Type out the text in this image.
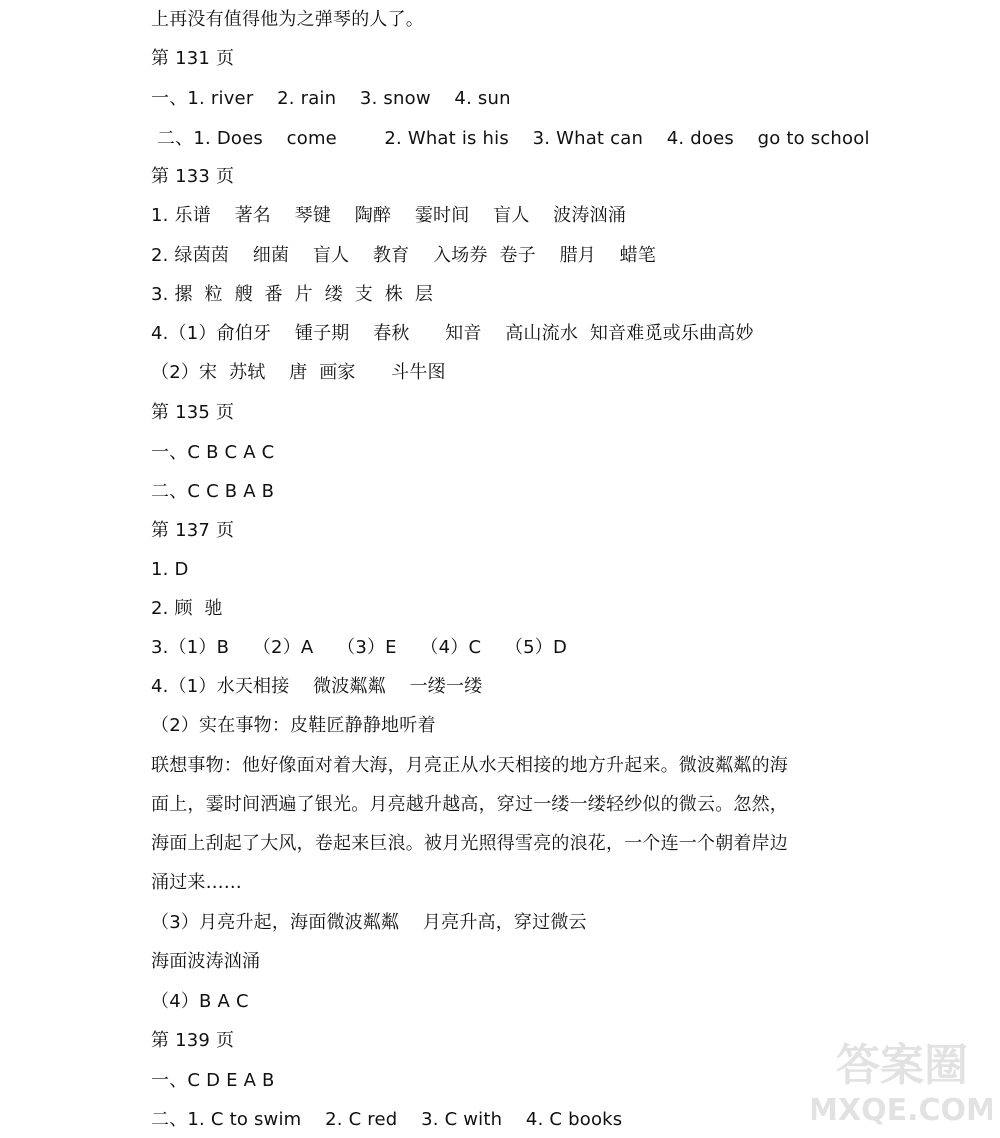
上再没有值得他为之弹琴的人了。
第 131 页
一、1. river    2. rain    3. snow    4. sun
二、1. Does    come        2. What is his    3. What can    4. does    go to school
第 133 页
1. 乐谱    著名    琴键    陶醉    霎时间    盲人    波涛汹涌
2. 绿茵茵    细菌    盲人    教育    入场券  卷子    腊月    蜡笔
3. 摞  粒  艘  番  片  缕  支  株  层
4.（1）俞伯牙    锺子期    春秋      知音    高山流水  知音难觅或乐曲高妙
（2）宋  苏轼    唐  画家      斗牛图
第 135 页
一、C B C A C
二、C C B A B
第 137 页
1. D
2. 顾  驰
3.（1）B    （2）A    （3）E    （4）C    （5）D
4.（1）水天相接    微波粼粼    一缕一缕
（2）实在事物：皮鞋匠静静地听着
联想事物：他好像面对着大海，月亮正从水天相接的地方升起来。微波粼粼的海
面上，霎时间洒遍了银光。月亮越升越高，穿过一缕一缕轻纱似的微云。忽然，
海面上刮起了大风，卷起来巨浪。被月光照得雪亮的浪花，一个连一个朝着岸边
涌过来……
（3）月亮升起，海面微波粼粼    月亮升高，穿过微云
海面波涛汹涌
（4）B A C
第 139 页
一、C D E A B
二、1. C to swim    2. C red    3. C with    4. C books
答案圈
MXQE.COM
